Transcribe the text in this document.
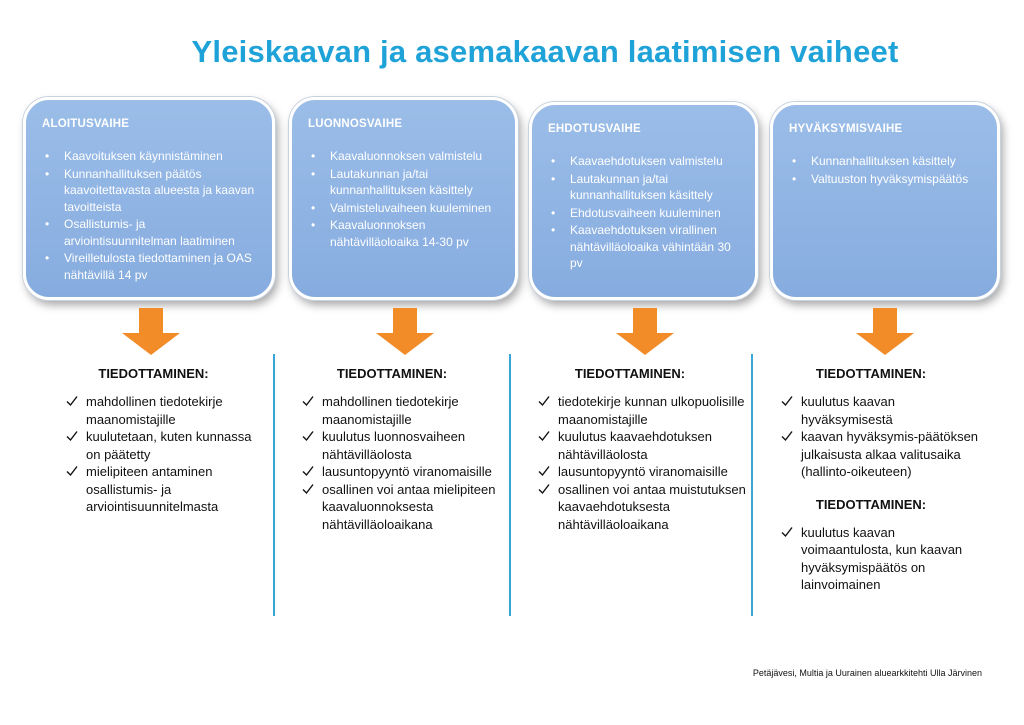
Yleiskaavan ja asemakaavan laatimisen vaiheet
ALOITUSVAIHE
• Kaavoituksen käynnistäminen
• Kunnanhallituksen päätös kaavoitettavasta alueesta ja kaavan tavoitteista
• Osallistumis- ja arviointisuunnitelman laatiminen
• Vireilletulosta tiedottaminen ja OAS nähtävillä 14 pv
LUONNOSVAIHE
• Kaavaluonnoksen valmistelu
• Lautakunnan ja/tai kunnanhallituksen käsittely
• Valmisteluvaiheen kuuleminen
• Kaavaluonnoksen nähtävilläoloaika 14-30 pv
EHDOTUSVAIHE
• Kaavaehdotuksen valmistelu
• Lautakunnan ja/tai kunnanhallituksen käsittely
• Ehdotusvaiheen kuuleminen
• Kaavaehdotuksen virallinen nähtävilläoloaika vähintään 30 pv
HYVÄKSYMISVAIHE
• Kunnanhallituksen käsittely
• Valtuuston hyväksymispäätös
TIEDOTTAMINEN:
mahdollinen tiedotekirje maanomistajille
kuulutetaan, kuten kunnassa on päätetty
mielipiteen antaminen osallistumis- ja arviointisuunnitelmasta
TIEDOTTAMINEN:
mahdollinen tiedotekirje maanomistajille
kuulutus luonnosvaiheen nähtävilläolosta
lausuntopyyntö viranomaisille
osallinen voi antaa mielipiteen kaavaluonnoksesta nähtävilläoloaikana
TIEDOTTAMINEN:
tiedotekirje kunnan ulkopuolisille maanomistajille
kuulutus kaavaehdotuksen nähtävilläolosta
lausuntopyyntö viranomaisille
osallinen voi antaa muistutuksen kaavaehdotuksesta nähtävilläoloaikana
TIEDOTTAMINEN:
kuulutus kaavan hyväksymisestä
kaavan hyväksymis-päätöksen julkaisusta alkaa valitusaika (hallinto-oikeuteen)
TIEDOTTAMINEN:
kuulutus kaavan voimaantulosta, kun kaavan hyväksymispäätös on lainvoimainen
Petäjävesi, Multia ja Uurainen aluearkkitehti Ulla Järvinen
